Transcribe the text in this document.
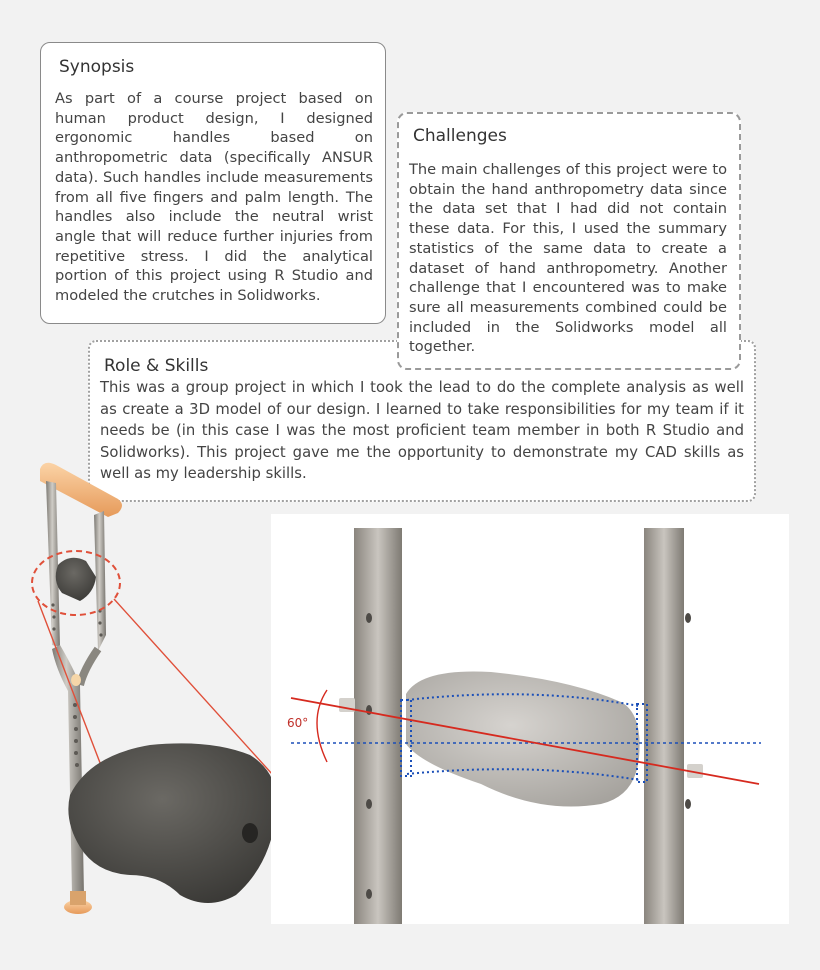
Synopsis

As part of a course project based on human product design, I designed ergonomic handles based on anthropometric data (specifically ANSUR data). Such handles include measurements from all five fingers and palm length. The handles also include the neutral wrist angle that will reduce further injuries from repetitive stress. I did the analytical portion of this project using R Studio and modeled the crutches in Solidworks.

Role & Skills

This was a group project in which I took the lead to do the complete analysis as well as create a 3D model of our design. I learned to take responsibilities for my team if it needs be (in this case I was the most proficient team member in both R Studio and Solidworks). This project gave me the opportunity to demonstrate my CAD skills as well as my leadership skills.

Challenges

The main challenges of this project were to obtain the hand anthropometry data since the data set that I had did not contain these data. For this, I used the summary statistics of the same data to create a dataset of hand anthropometry. Another challenge that I encountered was to make sure all measurements combined could be included in the Solidworks model all together.

60°
